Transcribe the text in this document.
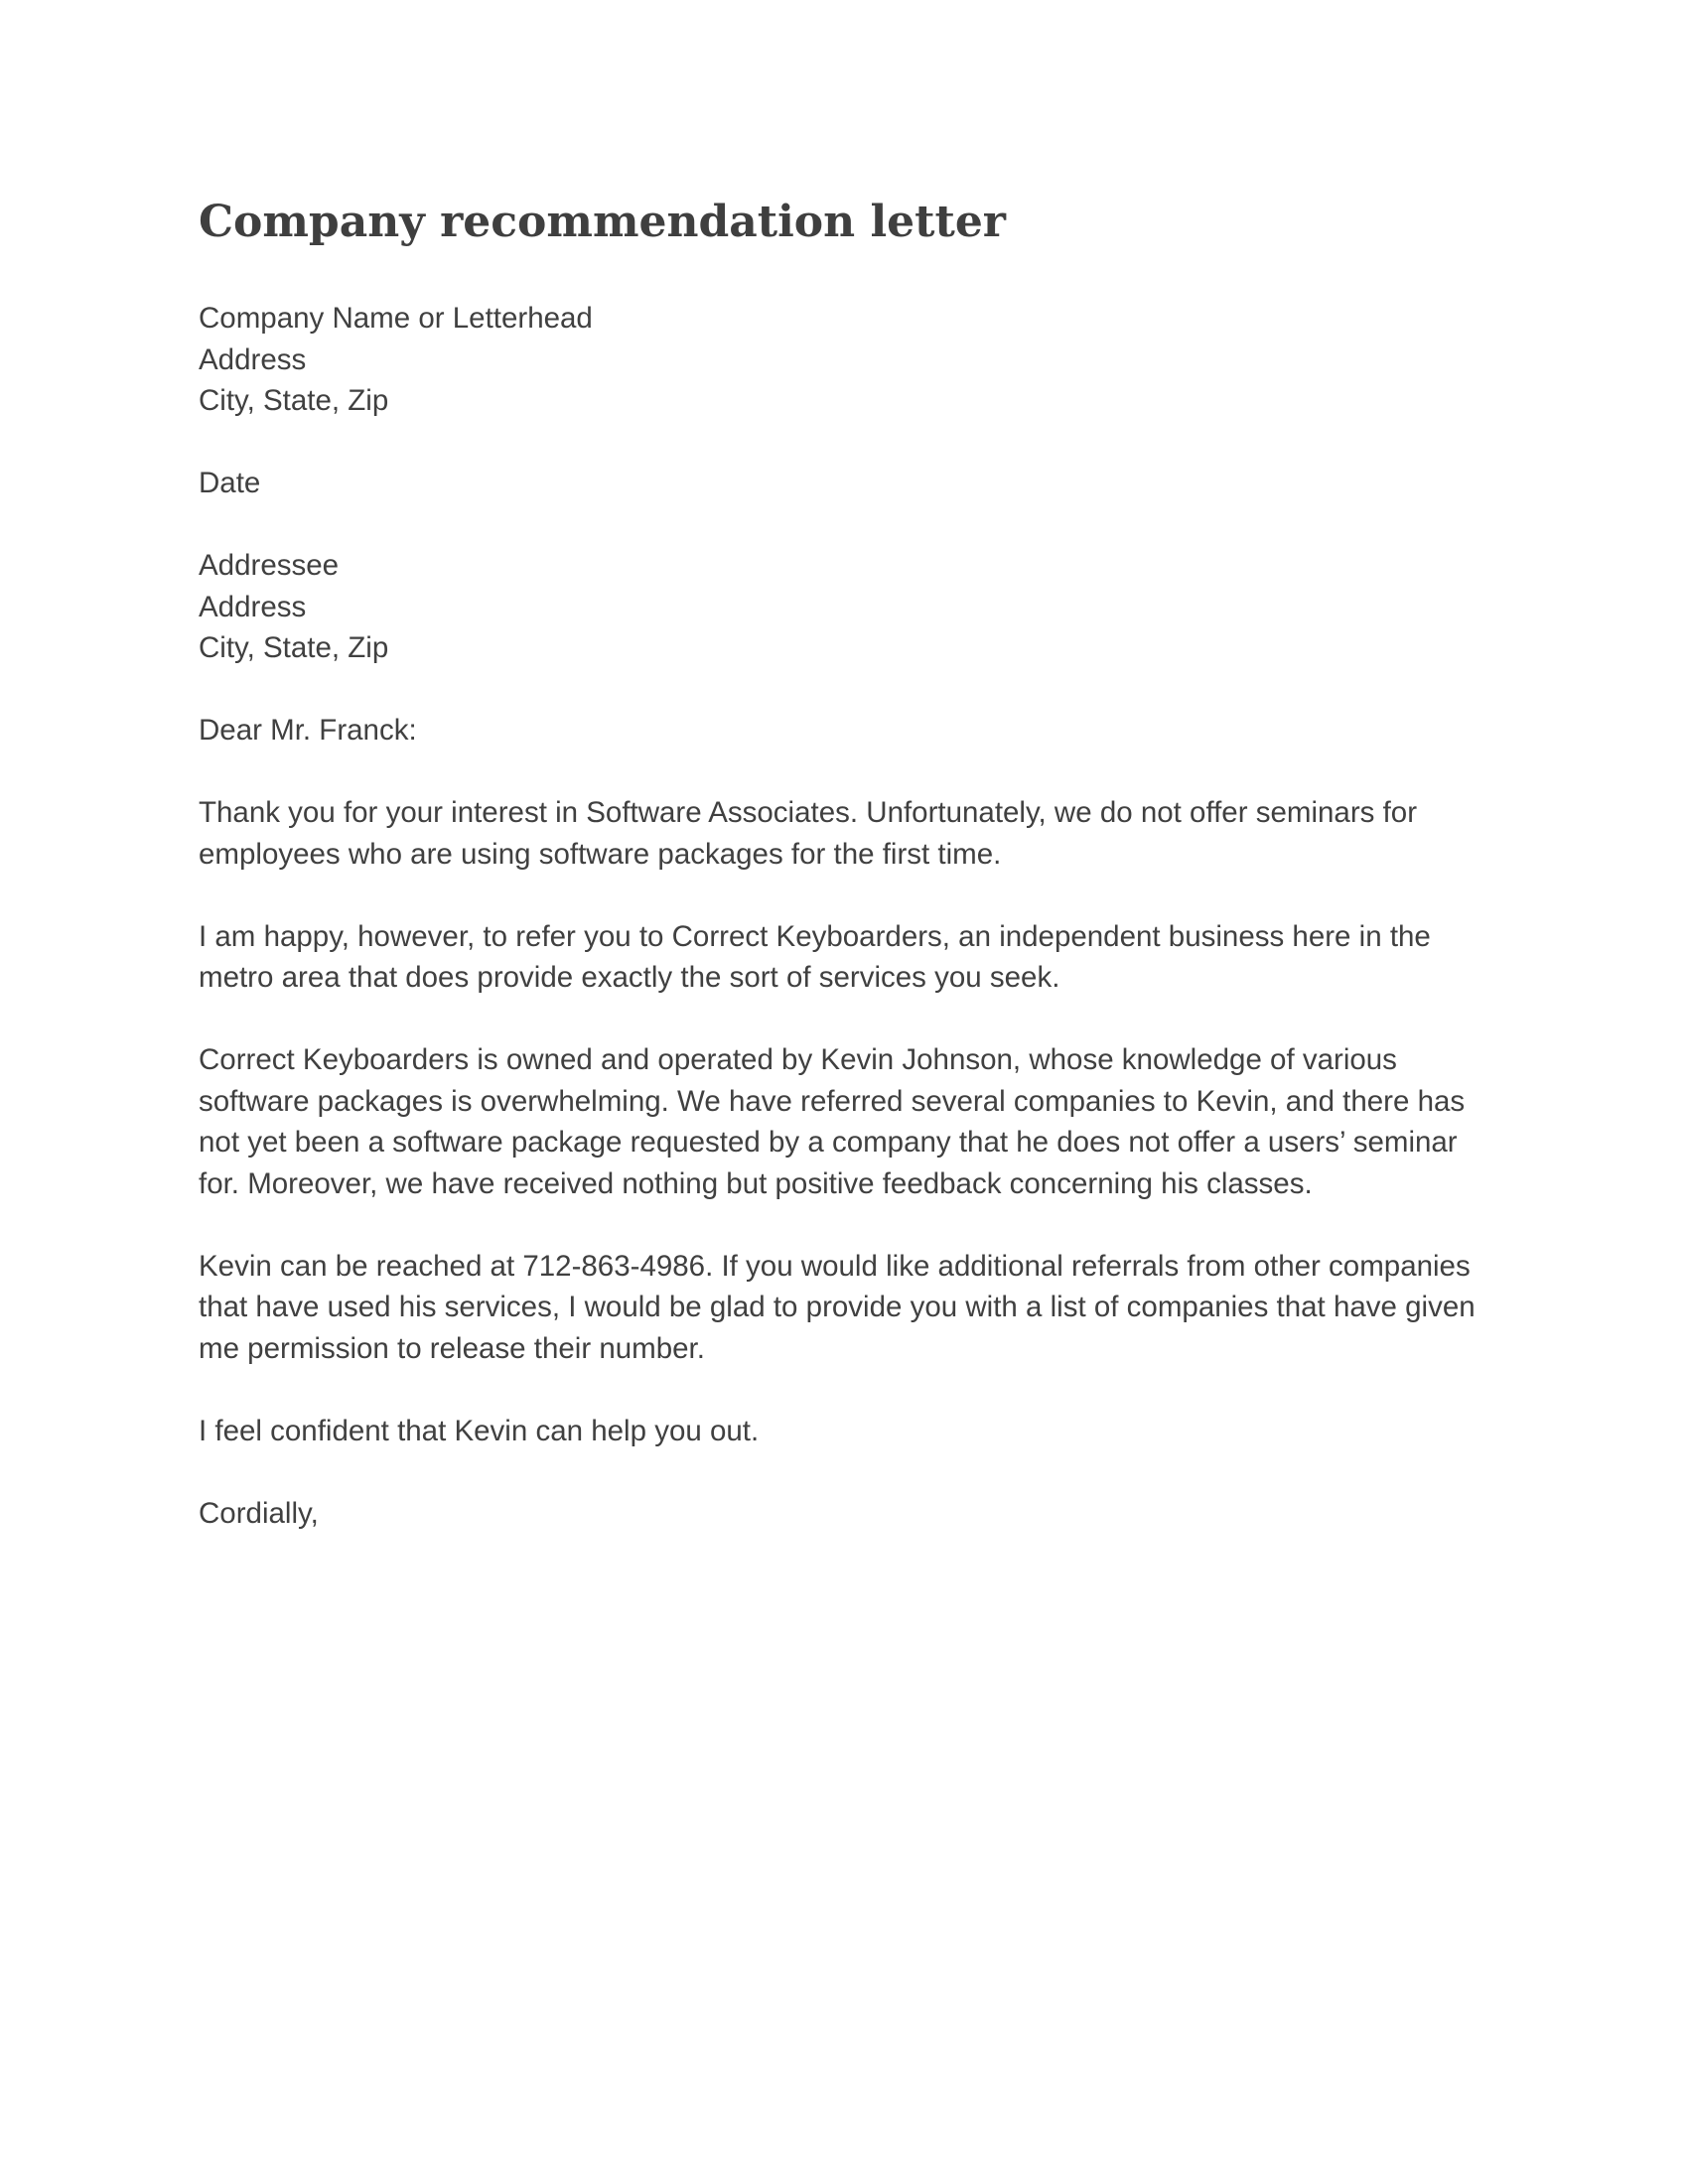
Company recommendation letter
Company Name or Letterhead
Address
City, State, Zip
Date
Addressee
Address
City, State, Zip
Dear Mr. Franck:

Thank you for your interest in Software Associates. Unfortunately, we do not offer seminars for employees who are using software packages for the first time.

I am happy, however, to refer you to Correct Keyboarders, an independent business here in the metro area that does provide exactly the sort of services you seek.

Correct Keyboarders is owned and operated by Kevin Johnson, whose knowledge of various software packages is overwhelming. We have referred several companies to Kevin, and there has not yet been a software package requested by a company that he does not offer a users’ seminar for. Moreover, we have received nothing but positive feedback concerning his classes.

Kevin can be reached at 712-863-4986. If you would like additional referrals from other companies that have used his services, I would be glad to provide you with a list of companies that have given me permission to release their number.

I feel confident that Kevin can help you out.

Cordially,
